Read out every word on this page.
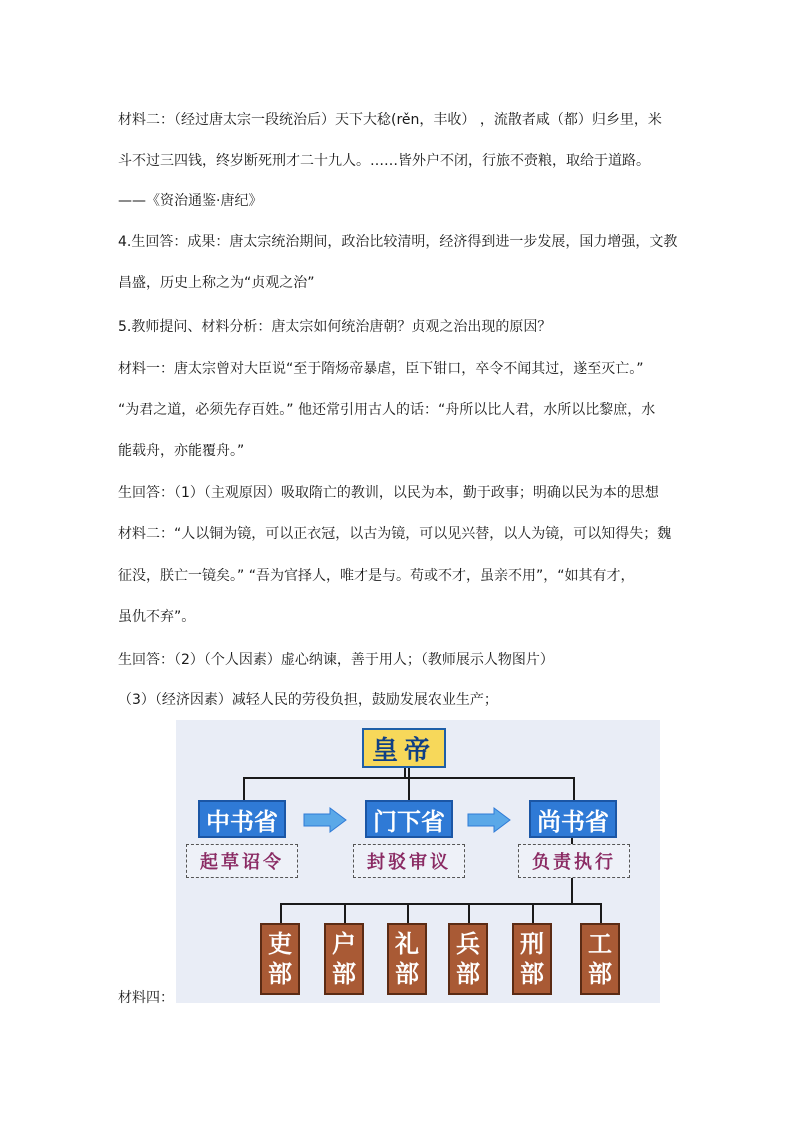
材料二：（经过唐太宗一段统治后）天下大稔(rěn，丰收） ，流散者咸（都）归乡里，米
斗不过三四钱，终岁断死刑才二十九人。……皆外户不闭，行旅不赍粮，取给于道路。
——《资治通鉴·唐纪》
4.生回答：成果：唐太宗统治期间，政治比较清明，经济得到进一步发展，国力增强，文教
昌盛，历史上称之为“贞观之治”
5.教师提问、材料分析：唐太宗如何统治唐朝？贞观之治出现的原因？
材料一：唐太宗曾对大臣说“至于隋炀帝暴虐，臣下钳口，卒令不闻其过，遂至灭亡。”
“为君之道，必须先存百姓。” 他还常引用古人的话：“舟所以比人君，水所以比黎庶，水
能载舟，亦能覆舟。”
生回答：（1）（主观原因）吸取隋亡的教训，以民为本，勤于政事；明确以民为本的思想
材料二：“人以铜为镜，可以正衣冠，以古为镜，可以见兴替，以人为镜，可以知得失；魏
征没，朕亡一镜矣。” “吾为官择人，唯才是与。苟或不才，虽亲不用”，“如其有才，
虽仇不弃”。
生回答：（2）（个人因素）虚心纳谏，善于用人；（教师展示人物图片）
（3）（经济因素）减轻人民的劳役负担，鼓励发展农业生产；
材料四：
皇帝
中书省	门下省	尚书省
起草诏令	封驳审议	负责执行
吏
部
户
部
礼
部
兵
部
刑
部
工
部
